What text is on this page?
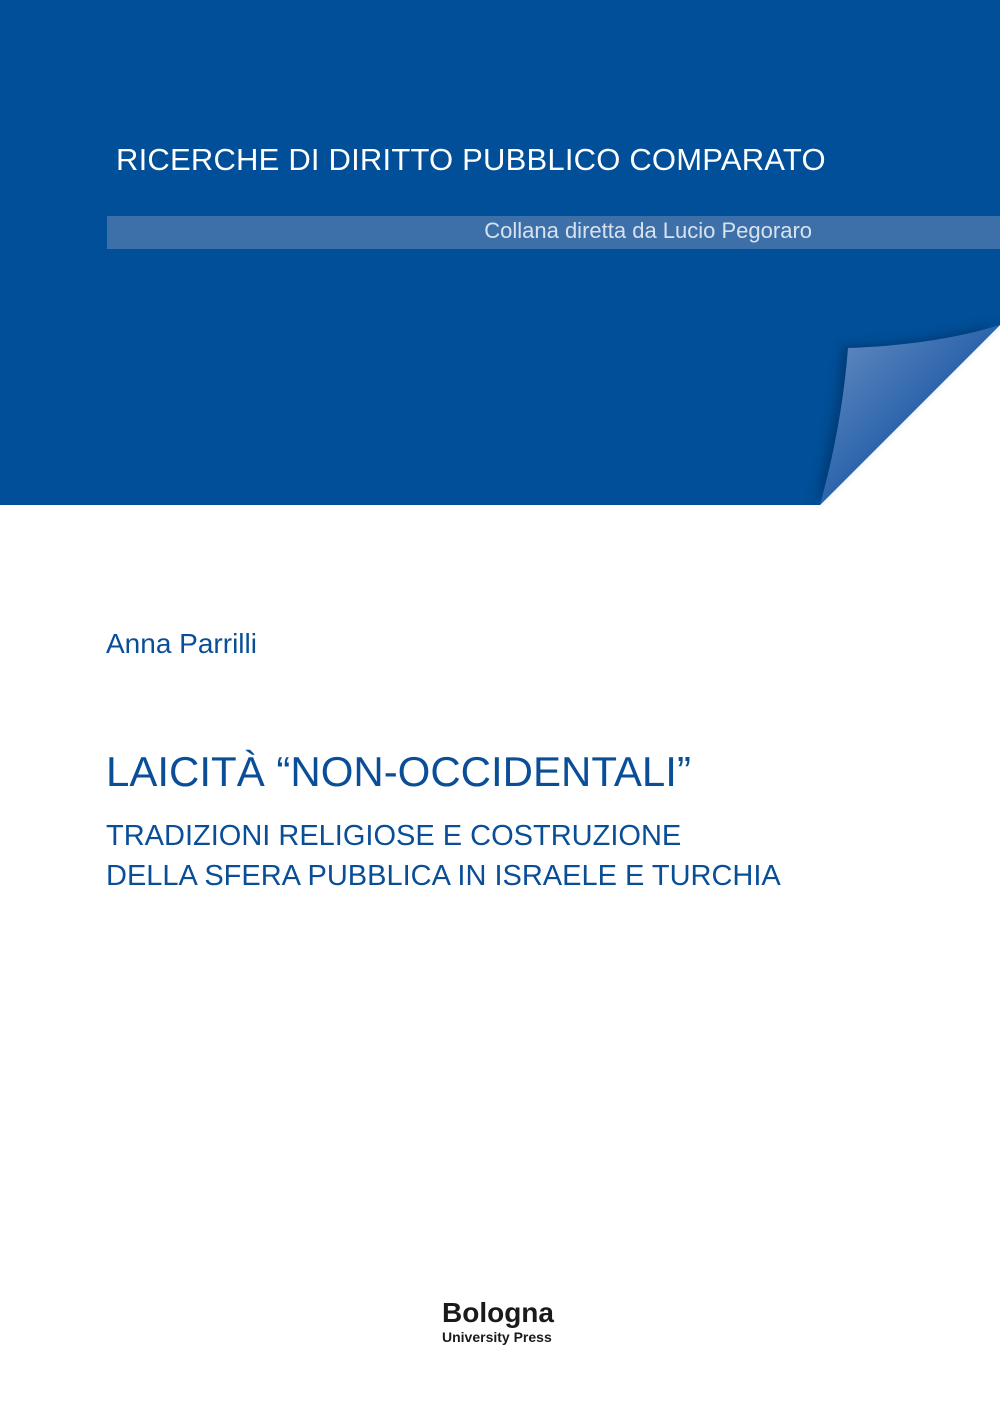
RICERCHE DI DIRITTO PUBBLICO COMPARATO
Collana diretta da Lucio Pegoraro
Anna Parrilli
LAICITÀ “NON-OCCIDENTALI”
TRADIZIONI RELIGIOSE E COSTRUZIONE
DELLA SFERA PUBBLICA IN ISRAELE E TURCHIA
Bologna
University Press
